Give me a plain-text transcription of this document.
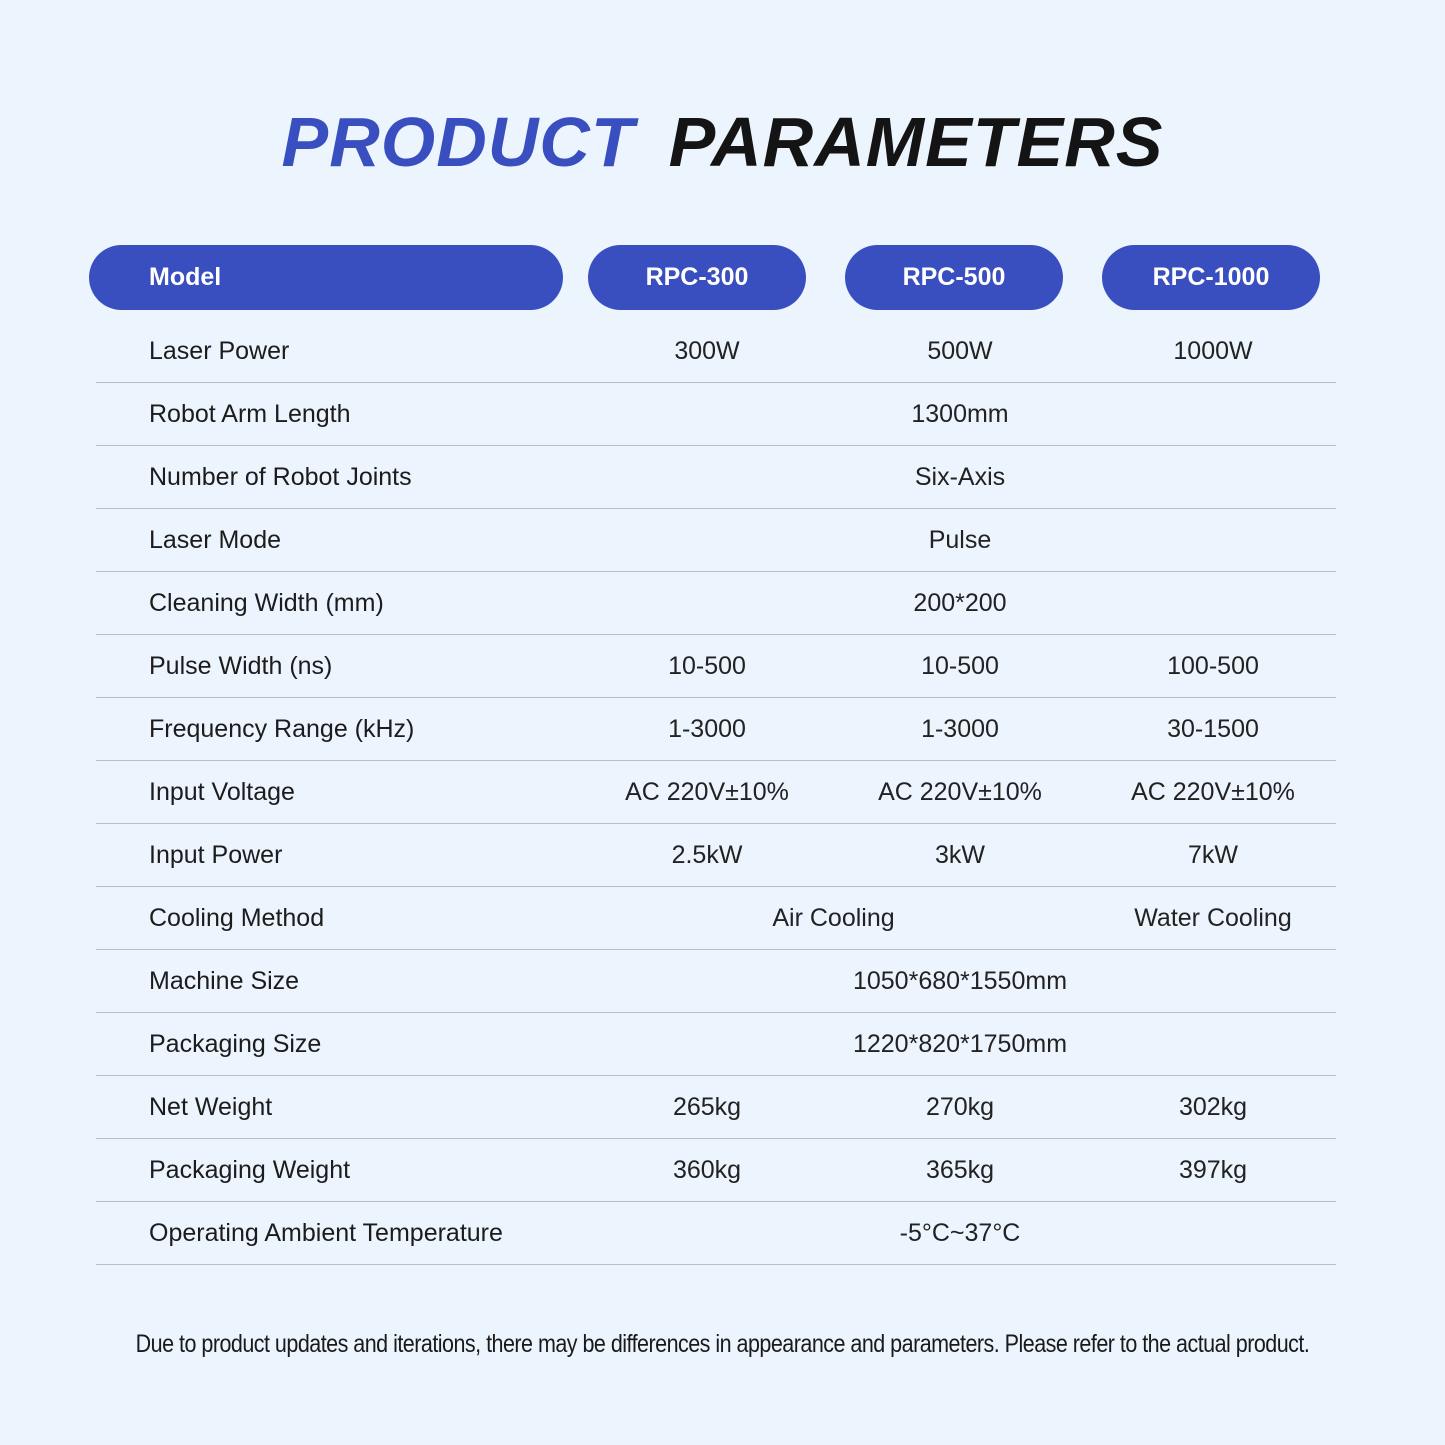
PRODUCT PARAMETERS
Model	RPC-300	RPC-500	RPC-1000
Laser Power	300W	500W	1000W
Robot Arm Length	1300mm
Number of Robot Joints	Six-Axis
Laser Mode	Pulse
Cleaning Width (mm)	200*200
Pulse Width (ns)	10-500	10-500	100-500
Frequency Range (kHz)	1-3000	1-3000	30-1500
Input Voltage	AC 220V±10%	AC 220V±10%	AC 220V±10%
Input Power	2.5kW	3kW	7kW
Cooling Method	Air Cooling	Water Cooling
Machine Size	1050*680*1550mm
Packaging Size	1220*820*1750mm
Net Weight	265kg	270kg	302kg
Packaging Weight	360kg	365kg	397kg
Operating Ambient Temperature	-5°C~37°C
Due to product updates and iterations, there may be differences in appearance and parameters. Please refer to the actual product.
